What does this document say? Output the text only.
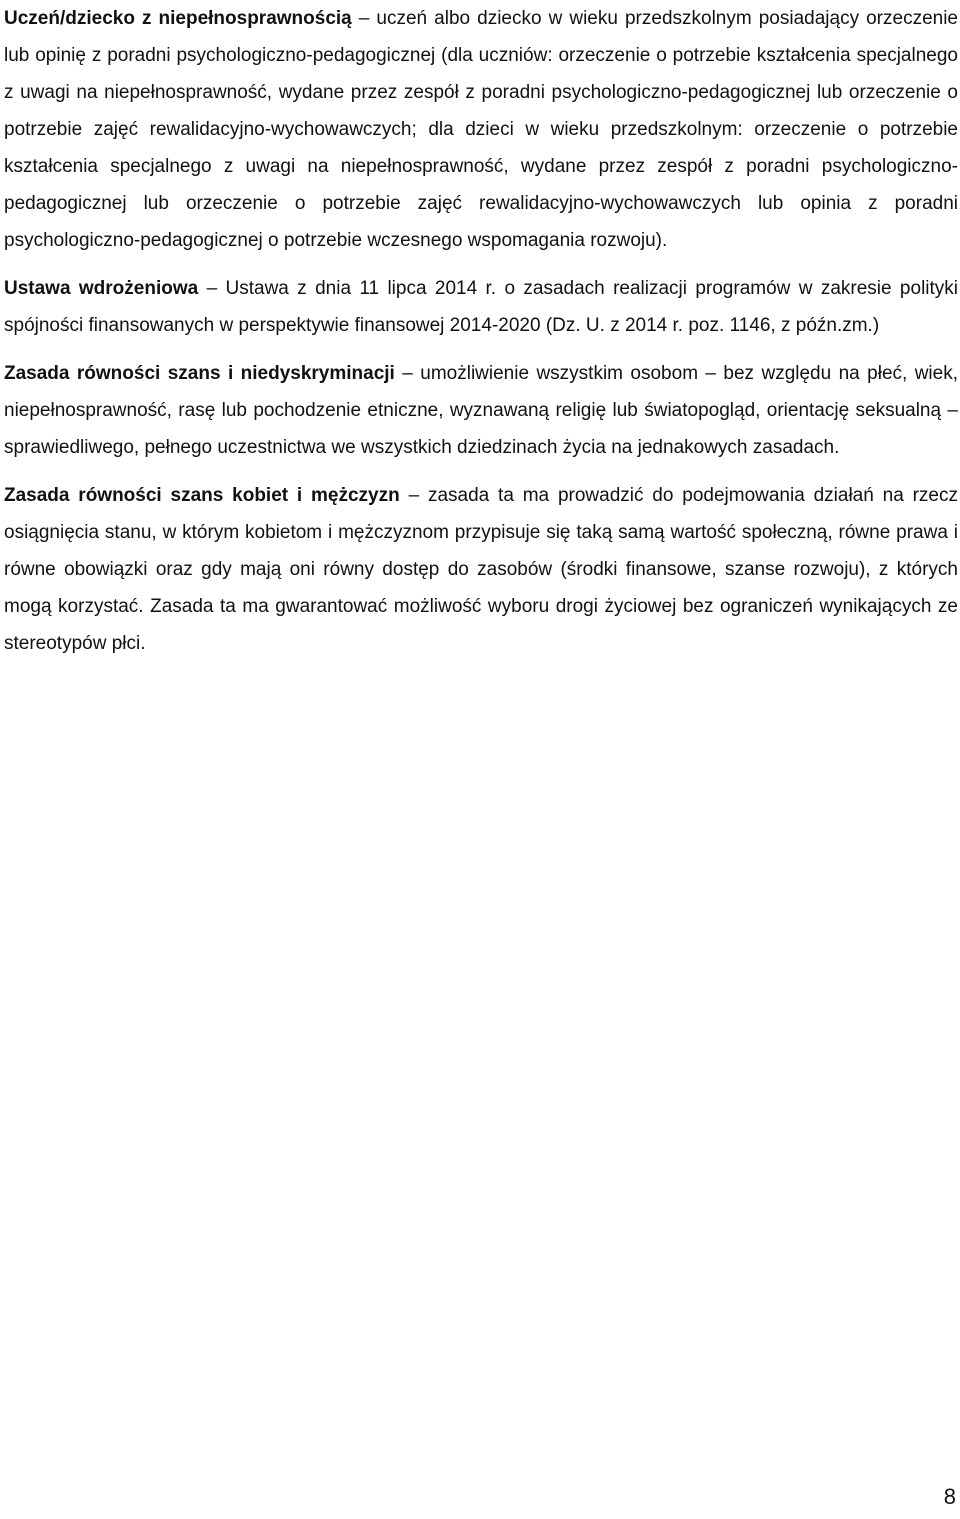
Uczeń/dziecko z niepełnosprawnością – uczeń albo dziecko w wieku przedszkolnym posiadający orzeczenie lub opinię z poradni psychologiczno-pedagogicznej (dla uczniów: orzeczenie o potrzebie kształcenia specjalnego z uwagi na niepełnosprawność, wydane przez zespół z poradni psychologiczno-pedagogicznej lub orzeczenie o potrzebie zajęć rewalidacyjno-wychowawczych; dla dzieci w wieku przedszkolnym: orzeczenie o potrzebie kształcenia specjalnego z uwagi na niepełnosprawność, wydane przez zespół z poradni psychologiczno-pedagogicznej lub orzeczenie o potrzebie zajęć rewalidacyjno-wychowawczych lub opinia z poradni psychologiczno-pedagogicznej o potrzebie wczesnego wspomagania rozwoju).

Ustawa wdrożeniowa – Ustawa z dnia 11 lipca 2014 r. o zasadach realizacji programów w zakresie polityki spójności finansowanych w perspektywie finansowej 2014-2020 (Dz. U. z 2014 r. poz. 1146, z późn.zm.)

Zasada równości szans i niedyskryminacji – umożliwienie wszystkim osobom – bez względu na płeć, wiek, niepełnosprawność, rasę lub pochodzenie etniczne, wyznawaną religię lub światopogląd, orientację seksualną – sprawiedliwego, pełnego uczestnictwa we wszystkich dziedzinach życia na jednakowych zasadach.

Zasada równości szans kobiet i mężczyzn – zasada ta ma prowadzić do podejmowania działań na rzecz osiągnięcia stanu, w którym kobietom i mężczyznom przypisuje się taką samą wartość społeczną, równe prawa i równe obowiązki oraz gdy mają oni równy dostęp do zasobów (środki finansowe, szanse rozwoju), z których mogą korzystać. Zasada ta ma gwarantować możliwość wyboru drogi życiowej bez ograniczeń wynikających ze stereotypów płci.

8
